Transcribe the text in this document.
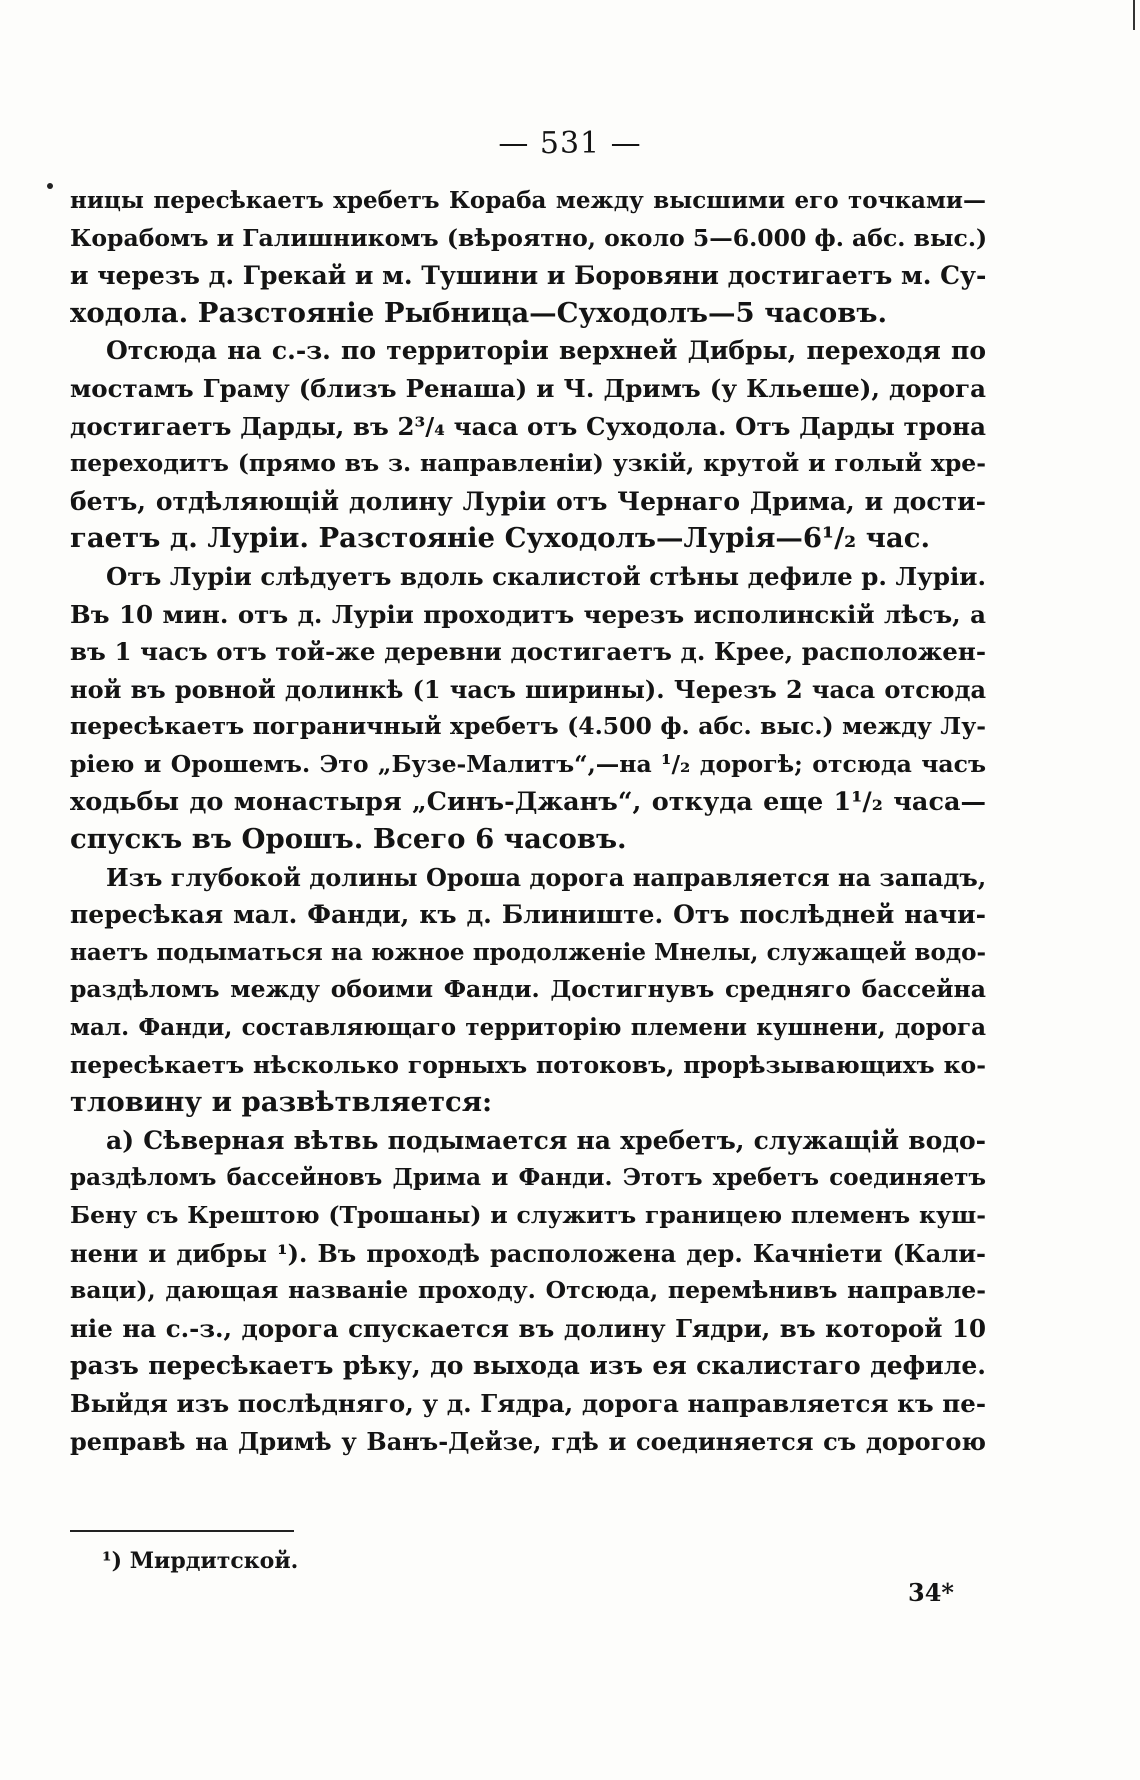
— 531 —

ницы пересѣкаетъ хребетъ Кораба между высшими его точками—
Корабомъ и Галишникомъ (вѣроятно, около 5—6.000 ф. абс. выс.)
и черезъ д. Грекай и м. Тушини и Боровяни достигаетъ м. Су-
ходола. Разстояніе Рыбница—Суходолъ—5 часовъ.

Отсюда на с.-з. по территоріи верхней Дибры, переходя по
мостамъ Граму (близъ Ренаша) и Ч. Дримъ (у Кльеше), дорога
достигаетъ Дарды, въ 2³/₄ часа отъ Суходола. Отъ Дарды трона
переходитъ (прямо въ з. направленіи) узкій, крутой и голый хре-
бетъ, отдѣляющій долину Луріи отъ Чернаго Дрима, и дости-
гаетъ д. Луріи. Разстояніе Суходолъ—Лурія—6¹/₂ час.

Отъ Луріи слѣдуетъ вдоль скалистой стѣны дефиле р. Луріи.
Въ 10 мин. отъ д. Луріи проходитъ черезъ исполинскій лѣсъ, а
въ 1 часъ отъ той-же деревни достигаетъ д. Крее, расположен-
ной въ ровной долинкѣ (1 часъ ширины). Черезъ 2 часа отсюда
пересѣкаетъ пограничный хребетъ (4.500 ф. абс. выс.) между Лу-
ріею и Орошемъ. Это „Бузе-Малитъ“,—на ¹/₂ дорогѣ; отсюда часъ
ходьбы до монастыря „Синъ-Джанъ“, откуда еще 1¹/₂ часа—
спускъ въ Орошъ. Всего 6 часовъ.

Изъ глубокой долины Ороша дорога направляется на западъ,
пересѣкая мал. Фанди, къ д. Блиниште. Отъ послѣдней начи-
наетъ подыматься на южное продолженіе Мнелы, служащей водо-
раздѣломъ между обоими Фанди. Достигнувъ средняго бассейна
мал. Фанди, составляющаго территорію племени кушнени, дорога
пересѣкаетъ нѣсколько горныхъ потоковъ, прорѣзывающихъ ко-
тловину и развѣтвляется:

a) Сѣверная вѣтвь подымается на хребетъ, служащій водо-
раздѣломъ бассейновъ Дрима и Фанди. Этотъ хребетъ соединяетъ
Бену съ Крештою (Трошаны) и служитъ границею племенъ куш-
нени и дибры ¹). Въ проходѣ расположена дер. Качніети (Кали-
ваци), дающая названіе проходу. Отсюда, перемѣнивъ направле-
ніе на с.-з., дорога спускается въ долину Гядри, въ которой 10
разъ пересѣкаетъ рѣку, до выхода изъ ея скалистаго дефиле.
Выйдя изъ послѣдняго, у д. Гядра, дорога направляется къ пе-
реправѣ на Дримѣ у Ванъ-Дейзе, гдѣ и соединяется съ дорогою

¹) Мирдитской.
34*
